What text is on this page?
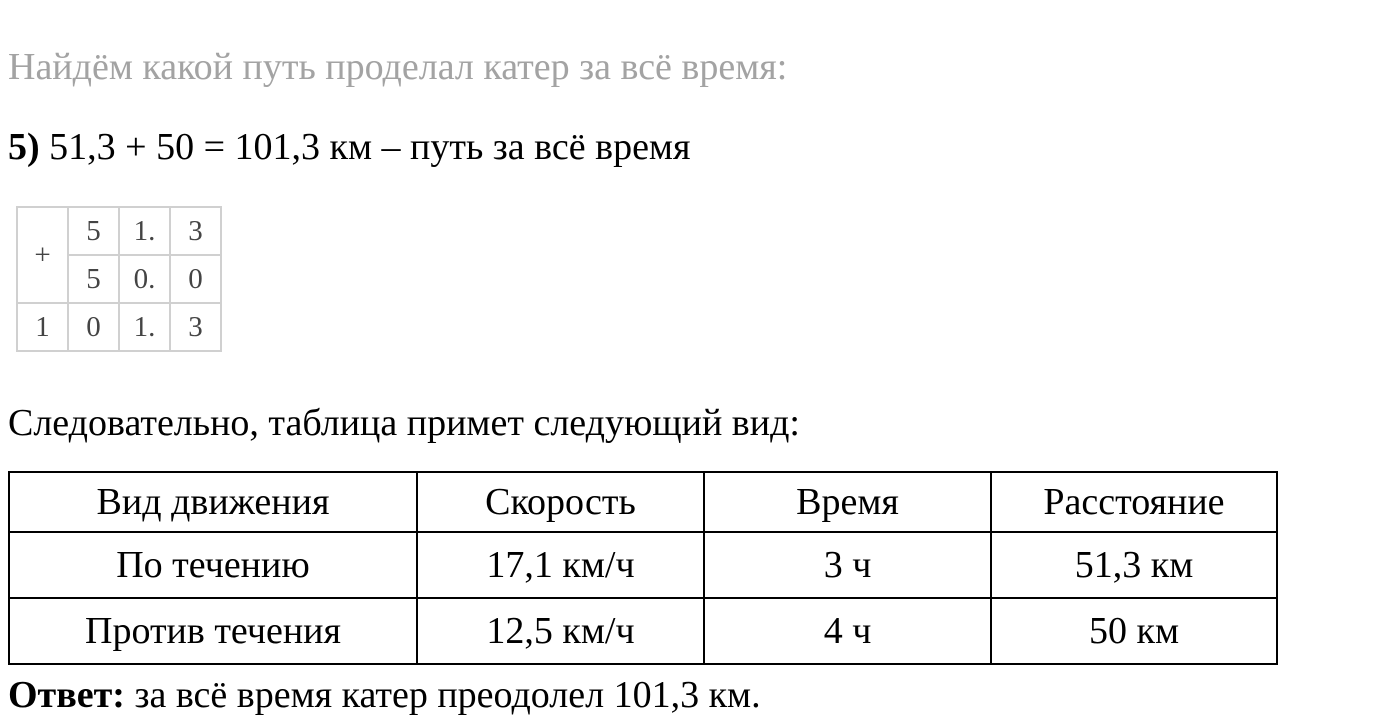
Найдём какой путь проделал катер за всё время:
5) 51,3 + 50 = 101,3 км – путь за всё время
+	5	1.	3
	5	0.	0
1	0	1.	3
Следовательно, таблица примет следующий вид:
Вид движения	Скорость	Время	Расстояние
По течению	17,1 км/ч	3 ч	51,3 км
Против течения	12,5 км/ч	4 ч	50 км
Ответ: за всё время катер преодолел 101,3 км.
